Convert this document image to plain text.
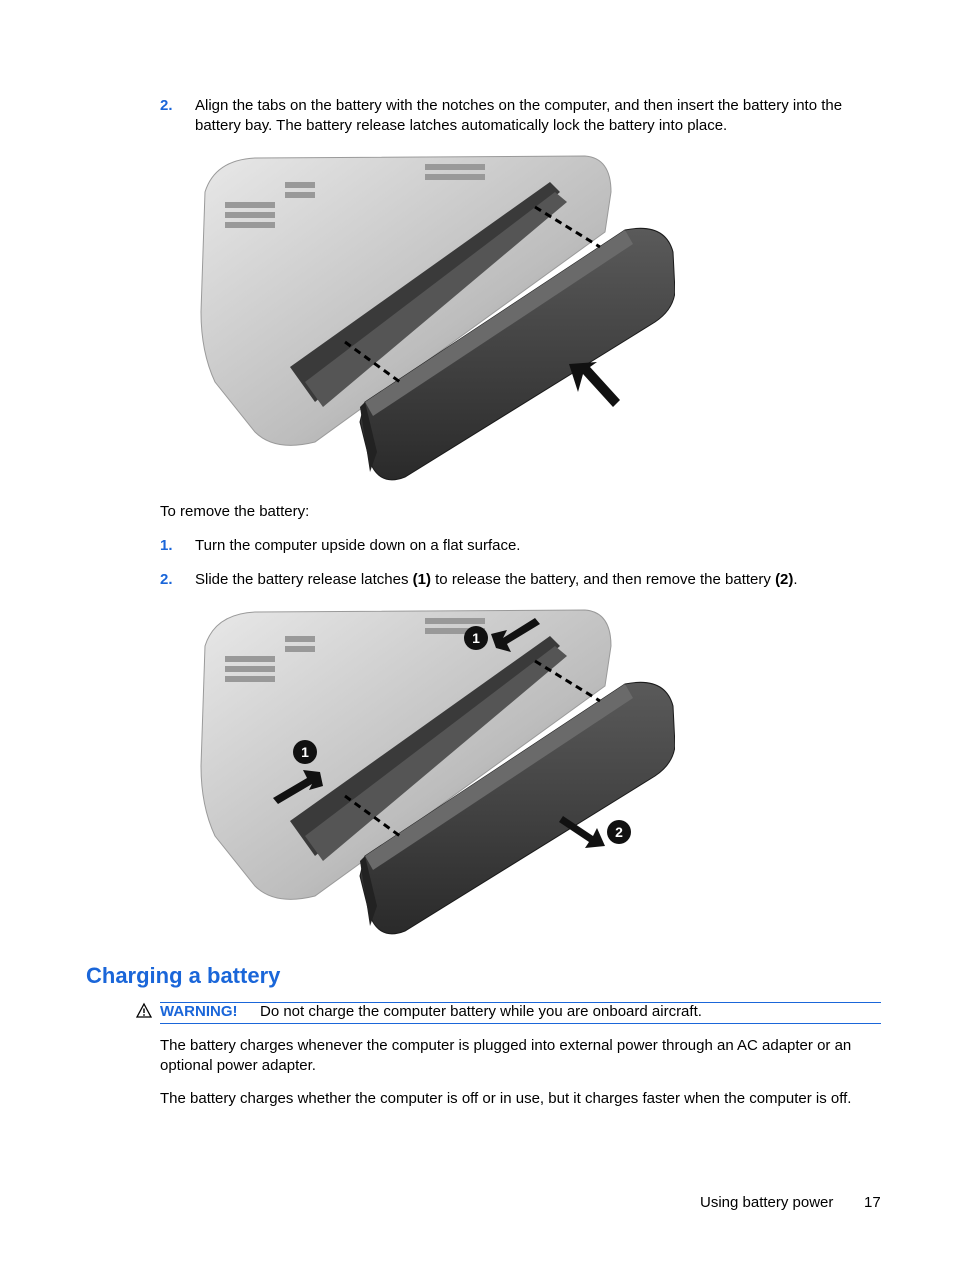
2. Align the tabs on the battery with the notches on the computer, and then insert the battery into the battery bay. The battery release latches automatically lock the battery into place.
To remove the battery:
1. Turn the computer upside down on a flat surface.
2. Slide the battery release latches (1) to release the battery, and then remove the battery (2).
1
1
2
Charging a battery
WARNING! Do not charge the computer battery while you are onboard aircraft.
The battery charges whenever the computer is plugged into external power through an AC adapter or an optional power adapter.
The battery charges whether the computer is off or in use, but it charges faster when the computer is off.
Using battery power 17
